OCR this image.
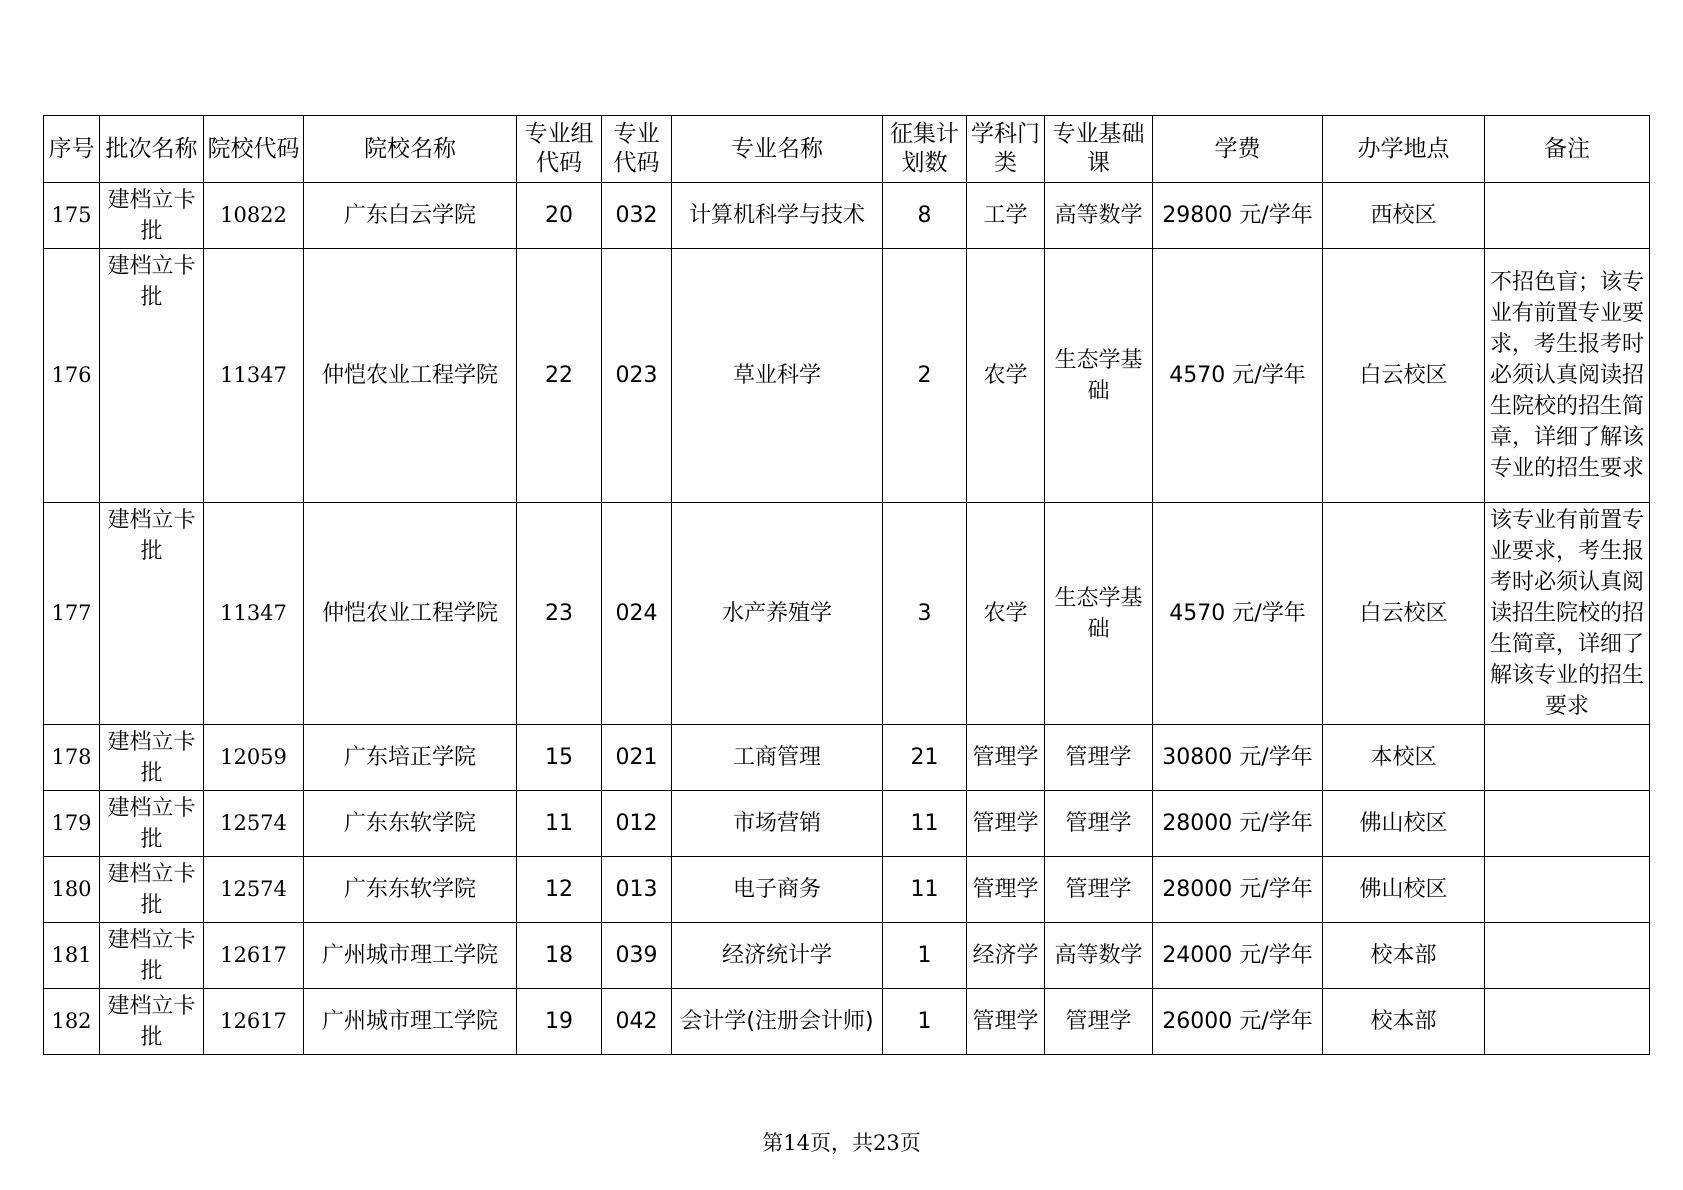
序号	批次名称	院校代码	院校名称	专业组代码	专业代码	专业名称	征集计划数	学科门类	专业基础课	学费	办学地点	备注
175	建档立卡批	10822	广东白云学院	20	032	计算机科学与技术	8	工学	高等数学	29800 元/学年	西校区	
176	建档立卡批	11347	仲恺农业工程学院	22	023	草业科学	2	农学	生态学基础	4570 元/学年	白云校区	不招色盲；该专业有前置专业要求，考生报考时必须认真阅读招生院校的招生简章，详细了解该专业的招生要求
177	建档立卡批	11347	仲恺农业工程学院	23	024	水产养殖学	3	农学	生态学基础	4570 元/学年	白云校区	该专业有前置专业要求，考生报考时必须认真阅读招生院校的招生简章，详细了解该专业的招生要求
178	建档立卡批	12059	广东培正学院	15	021	工商管理	21	管理学	管理学	30800 元/学年	本校区	
179	建档立卡批	12574	广东东软学院	11	012	市场营销	11	管理学	管理学	28000 元/学年	佛山校区	
180	建档立卡批	12574	广东东软学院	12	013	电子商务	11	管理学	管理学	28000 元/学年	佛山校区	
181	建档立卡批	12617	广州城市理工学院	18	039	经济统计学	1	经济学	高等数学	24000 元/学年	校本部	
182	建档立卡批	12617	广州城市理工学院	19	042	会计学(注册会计师)	1	管理学	管理学	26000 元/学年	校本部	
第14页，共23页
